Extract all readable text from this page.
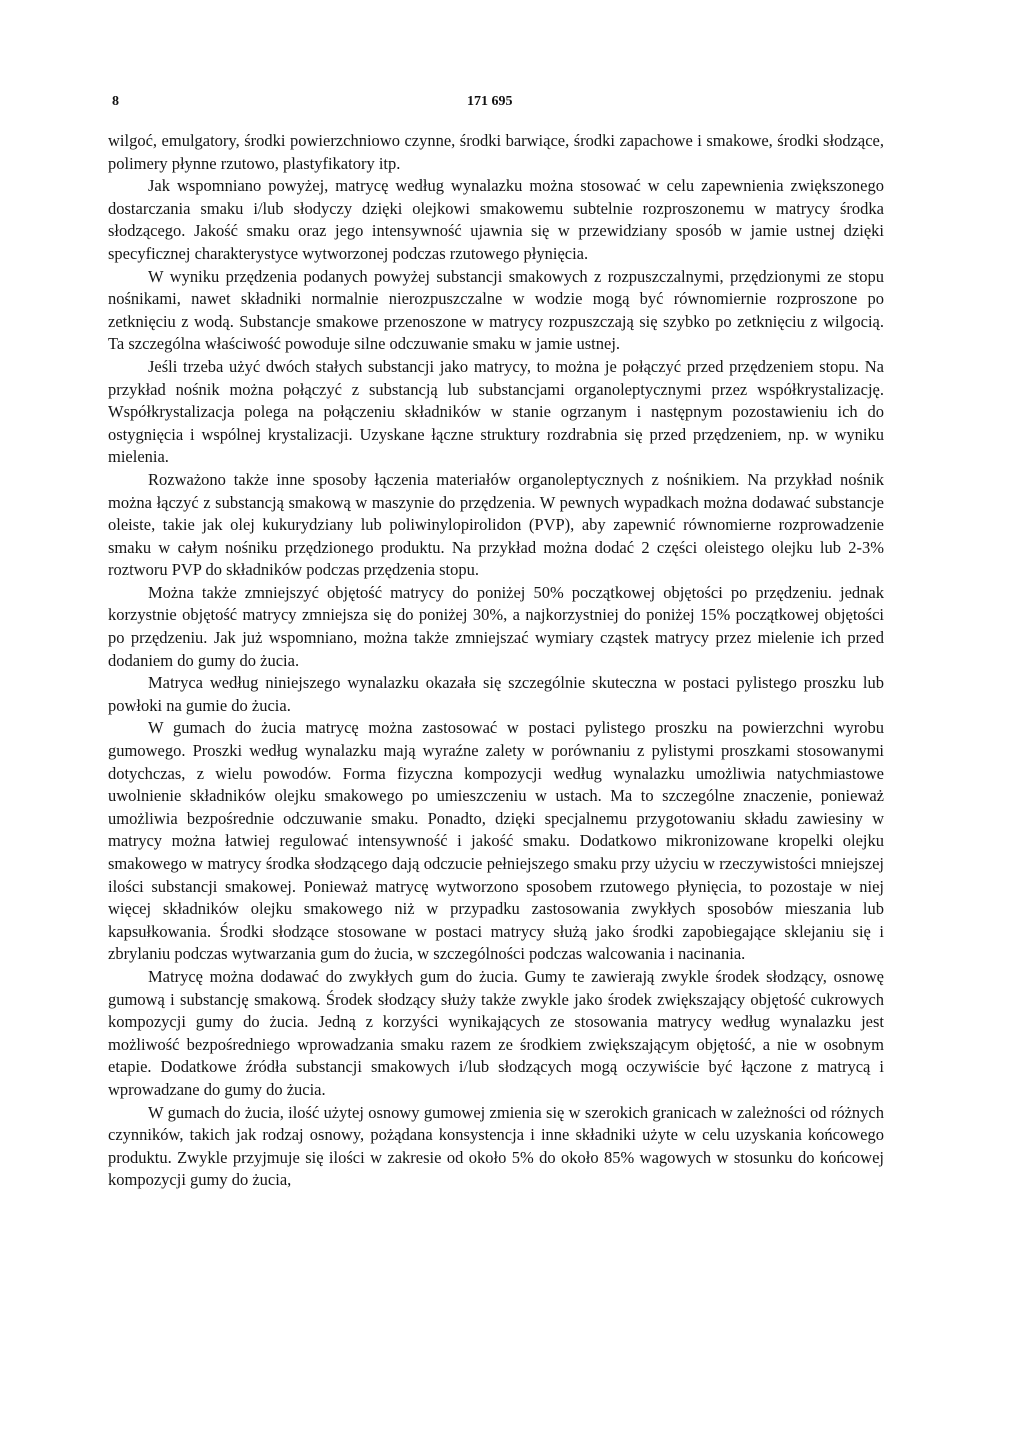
8	171 695

wilgoć, emulgatory, środki powierzchniowo czynne, środki barwiące, środki zapachowe i smakowe, środki słodzące, polimery płynne rzutowo, plastyfikatory itp.

Jak wspomniano powyżej, matrycę według wynalazku można stosować w celu zapewnienia zwiększonego dostarczania smaku i/lub słodyczy dzięki olejkowi smakowemu subtelnie rozproszonemu w matrycy środka słodzącego. Jakość smaku oraz jego intensywność ujawnia się w przewidziany sposób w jamie ustnej dzięki specyficznej charakterystyce wytworzonej podczas rzutowego płynięcia.

W wyniku przędzenia podanych powyżej substancji smakowych z rozpuszczalnymi, przędzionymi ze stopu nośnikami, nawet składniki normalnie nierozpuszczalne w wodzie mogą być równomiernie rozproszone po zetknięciu z wodą. Substancje smakowe przenoszone w matrycy rozpuszczają się szybko po zetknięciu z wilgocią. Ta szczególna właściwość powoduje silne odczuwanie smaku w jamie ustnej.

Jeśli trzeba użyć dwóch stałych substancji jako matrycy, to można je połączyć przed przędzeniem stopu. Na przykład nośnik można połączyć z substancją lub substancjami organoleptycznymi przez współkrystalizację. Współkrystalizacja polega na połączeniu składników w stanie ogrzanym i następnym pozostawieniu ich do ostygnięcia i wspólnej krystalizacji. Uzyskane łączne struktury rozdrabnia się przed przędzeniem, np. w wyniku mielenia.

Rozważono także inne sposoby łączenia materiałów organoleptycznych z nośnikiem. Na przykład nośnik można łączyć z substancją smakową w maszynie do przędzenia. W pewnych wypadkach można dodawać substancje oleiste, takie jak olej kukurydziany lub poliwinylopirolidon (PVP), aby zapewnić równomierne rozprowadzenie smaku w całym nośniku przędzionego produktu. Na przykład można dodać 2 części oleistego olejku lub 2-3% roztworu PVP do składników podczas przędzenia stopu.

Można także zmniejszyć objętość matrycy do poniżej 50% początkowej objętości po przędzeniu. jednak korzystnie objętość matrycy zmniejsza się do poniżej 30%, a najkorzystniej do poniżej 15% początkowej objętości po przędzeniu. Jak już wspomniano, można także zmniejszać wymiary cząstek matrycy przez mielenie ich przed dodaniem do gumy do żucia.

Matryca według niniejszego wynalazku okazała się szczególnie skuteczna w postaci pylistego proszku lub powłoki na gumie do żucia.

W gumach do żucia matrycę można zastosować w postaci pylistego proszku na powierzchni wyrobu gumowego. Proszki według wynalazku mają wyraźne zalety w porównaniu z pylistymi proszkami stosowanymi dotychczas, z wielu powodów. Forma fizyczna kompozycji według wynalazku umożliwia natychmiastowe uwolnienie składników olejku smakowego po umieszczeniu w ustach. Ma to szczególne znaczenie, ponieważ umożliwia bezpośrednie odczuwanie smaku. Ponadto, dzięki specjalnemu przygotowaniu składu zawiesiny w matrycy można łatwiej regulować intensywność i jakość smaku. Dodatkowo mikronizowane kropelki olejku smakowego w matrycy środka słodzącego dają odczucie pełniejszego smaku przy użyciu w rzeczywistości mniejszej ilości substancji smakowej. Ponieważ matrycę wytworzono sposobem rzutowego płynięcia, to pozostaje w niej więcej składników olejku smakowego niż w przypadku zastosowania zwykłych sposobów mieszania lub kapsułkowania. Środki słodzące stosowane w postaci matrycy służą jako środki zapobiegające sklejaniu się i zbrylaniu podczas wytwarzania gum do żucia, w szczególności podczas walcowania i nacinania.

Matrycę można dodawać do zwykłych gum do żucia. Gumy te zawierają zwykle środek słodzący, osnowę gumową i substancję smakową. Środek słodzący służy także zwykle jako środek zwiększający objętość cukrowych kompozycji gumy do żucia. Jedną z korzyści wynikających ze stosowania matrycy według wynalazku jest możliwość bezpośredniego wprowadzania smaku razem ze środkiem zwiększającym objętość, a nie w osobnym etapie. Dodatkowe źródła substancji smakowych i/lub słodzących mogą oczywiście być łączone z matrycą i wprowadzane do gumy do żucia.

W gumach do żucia, ilość użytej osnowy gumowej zmienia się w szerokich granicach w zależności od różnych czynników, takich jak rodzaj osnowy, pożądana konsystencja i inne składniki użyte w celu uzyskania końcowego produktu. Zwykle przyjmuje się ilości w zakresie od około 5% do około 85% wagowych w stosunku do końcowej kompozycji gumy do żucia,
